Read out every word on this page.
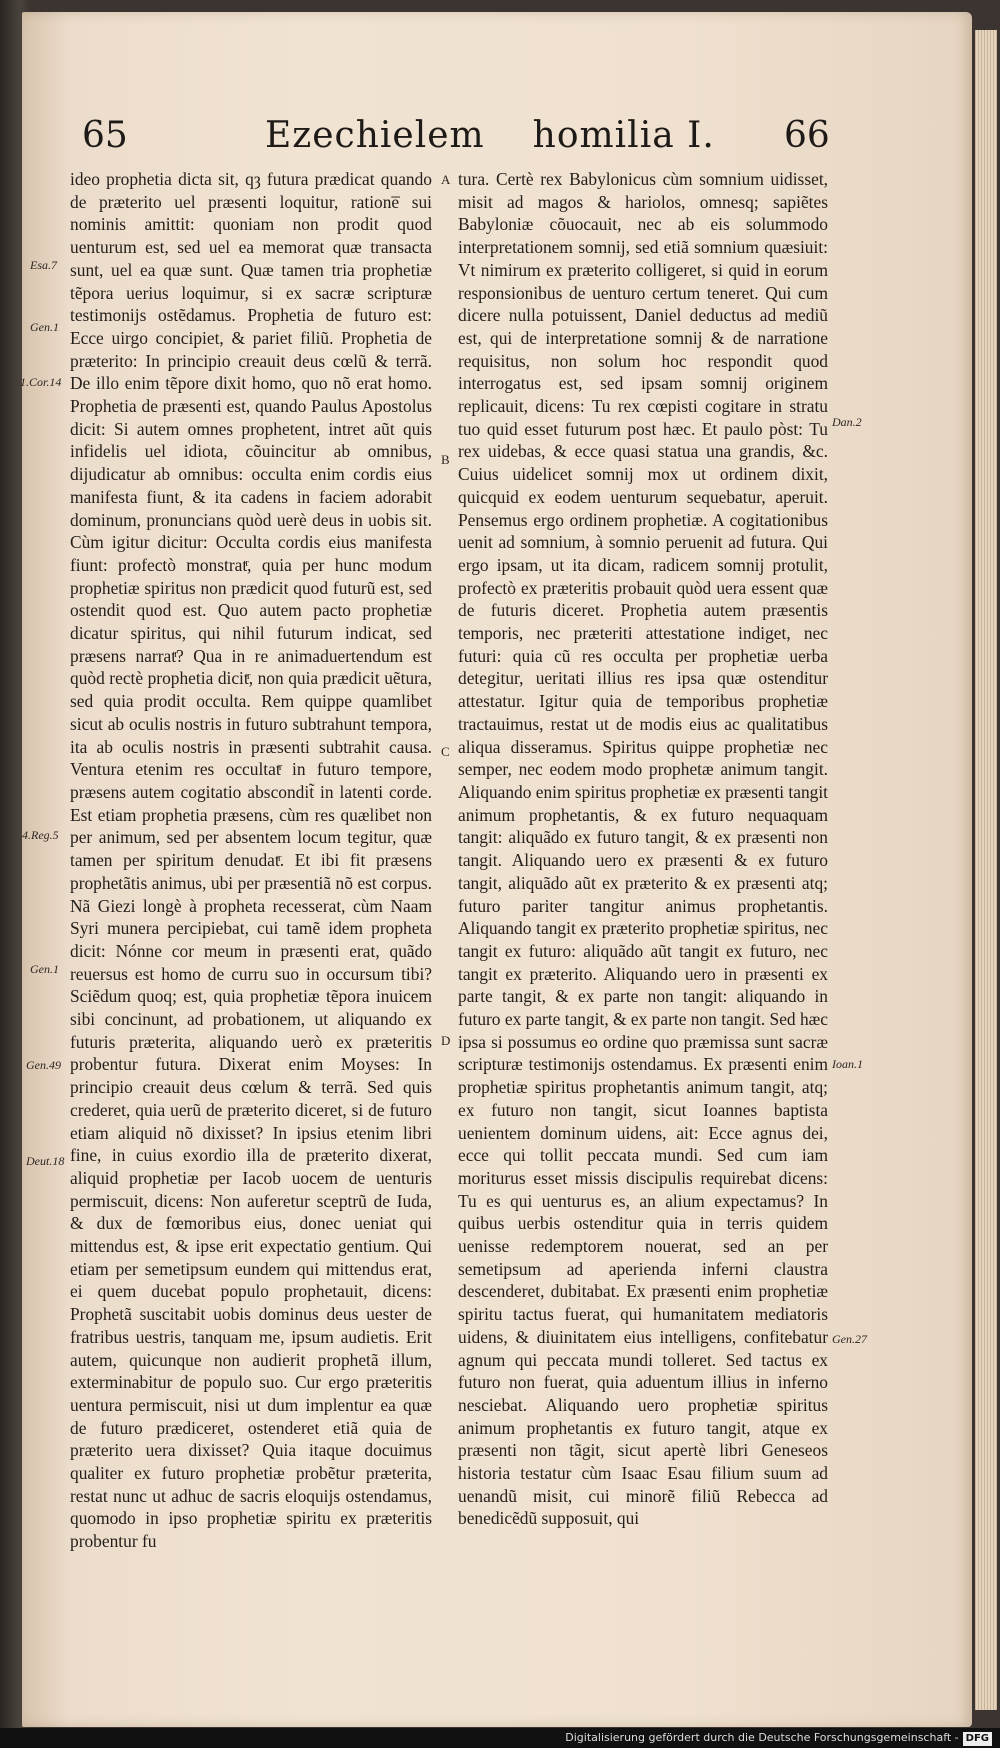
65	Ezechielem homilia I.	66

ideo prophetia dicta sit, qȝ futura prædicat quando de præterito uel præsenti loquitur, ratione̅ sui nominis amittit: quoniam non prodit quod uenturum est, sed uel ea memorat quæ transacta sunt, uel ea quæ sunt. Quæ tamen tria prophetiæ tẽpora uerius loquimur, si ex sacræ scripturæ testimonijs ostẽdamus. Prophetia de futuro est: Ecce uirgo concipiet, & pariet filiũ. Prophetia de præterito: In principio creauit deus cœlũ & terrã. De illo enim tẽpore dixit homo, quo nõ erat homo. Prophetia de præsenti est, quando Paulus Apostolus dicit: Si autem omnes prophetent, intret aũt quis infidelis uel idiota, cõuincitur ab omnibus, dijudicatur ab omnibus: occulta enim cordis eius manifesta fiunt, & ita cadens in faciem adorabit dominum, pronuncians quòd uerè deus in uobis sit. Cùm igitur dicitur: Occulta cordis eius manifesta fiunt: profectò monstratͬ, quia per hunc modum prophetiæ spiritus non prædicit quod futurũ est, sed ostendit quod est. Quo autem pacto prophetiæ dicatur spiritus, qui nihil futurum indicat, sed præsens narratͬ? Qua in re animaduertendum est quòd rectè prophetia dicitͬ, non quia prædicit uẽtura, sed quia prodit occulta. Rem quippe quamlibet sicut ab oculis nostris in futuro subtrahunt tempora, ita ab oculis nostris in præsenti subtrahit causa. Ventura etenim res occultatͬ in futuro tempore, præsens autem cogitatio abscondit̃ in latenti corde. Est etiam prophetia præsens, cùm res quælibet non per animum, sed per absentem locum tegitur, quæ tamen per spiritum denudatͬ. Et ibi fit præsens prophetãtis animus, ubi per præsentiã nõ est corpus. Nã Giezi longè à propheta recesserat, cùm Naam Syri munera percipiebat, cui tamẽ idem propheta dicit: Nónne cor meum in præsenti erat, quãdo reuersus est homo de curru suo in occursum tibi? Sciẽdum quoq; est, quia prophetiæ tẽpora inuicem sibi concinunt, ad probationem, ut aliquando ex futuris præterita, aliquando uerò ex præteritis probentur futura. Dixerat enim Moyses: In principio creauit deus cœlum & terrã. Sed quis crederet, quia uerũ de præterito diceret, si de futuro etiam aliquid nõ dixisset? In ipsius etenim libri fine, in cuius exordio illa de præterito dixerat, aliquid prophetiæ per Iacob uocem de uenturis permiscuit, dicens: Non auferetur sceptrũ de Iuda, & dux de fœmoribus eius, donec ueniat qui mittendus est, & ipse erit expectatio gentium. Qui etiam per semetipsum eundem qui mittendus erat, ei quem ducebat populo prophetauit, dicens: Prophetã suscitabit uobis dominus deus uester de fratribus uestris, tanquam me, ipsum audietis. Erit autem, quicunque non audierit prophetã illum, exterminabitur de populo suo. Cur ergo præteritis uentura permiscuit, nisi ut dum implentur ea quæ de futuro prædiceret, ostenderet etiã quia de præterito uera dixisset? Quia itaque docuimus qualiter ex futuro prophetiæ probẽtur præterita, restat nunc ut adhuc de sacris eloquijs ostendamus, quomodo in ipso prophetiæ spiritu ex præteritis probentur fu

tura. Certè rex Babylonicus cùm somnium uidisset, misit ad magos & hariolos, omnesq; sapiẽtes Babyloniæ cõuocauit, nec ab eis solummodo interpretationem somnij, sed etiã somnium quæsiuit: Vt nimirum ex præterito colligeret, si quid in eorum responsionibus de uenturo certum teneret. Qui cum dicere nulla potuissent, Daniel deductus ad mediũ est, qui de interpretatione somnij & de narratione requisitus, non solum hoc respondit quod interrogatus est, sed ipsam somnij originem replicauit, dicens: Tu rex cœpisti cogitare in stratu tuo quid esset futurum post hæc. Et paulo pòst: Tu rex uidebas, & ecce quasi statua una grandis, &c. Cuius uidelicet somnij mox ut ordinem dixit, quicquid ex eodem uenturum sequebatur, aperuit. Pensemus ergo ordinem prophetiæ. A cogitationibus uenit ad somnium, à somnio peruenit ad futura. Qui ergo ipsam, ut ita dicam, radicem somnij protulit, profectò ex præteritis probauit quòd uera essent quæ de futuris diceret. Prophetia autem præsentis temporis, nec præteriti attestatione indiget, nec futuri: quia cũ res occulta per prophetiæ uerba detegitur, ueritati illius res ipsa quæ ostenditur attestatur. Igitur quia de temporibus prophetiæ tractauimus, restat ut de modis eius ac qualitatibus aliqua disseramus. Spiritus quippe prophetiæ nec semper, nec eodem modo prophetæ animum tangit. Aliquando enim spiritus prophetiæ ex præsenti tangit animum prophetantis, & ex futuro nequaquam tangit: aliquãdo ex futuro tangit, & ex præsenti non tangit. Aliquando uero ex præsenti & ex futuro tangit, aliquãdo aũt ex præterito & ex præsenti atq; futuro pariter tangitur animus prophetantis. Aliquando tangit ex præterito prophetiæ spiritus, nec tangit ex futuro: aliquãdo aũt tangit ex futuro, nec tangit ex præterito. Aliquando uero in præsenti ex parte tangit, & ex parte non tangit: aliquando in futuro ex parte tangit, & ex parte non tangit. Sed hæc ipsa si possumus eo ordine quo præmissa sunt sacræ scripturæ testimonijs ostendamus. Ex præsenti enim prophetiæ spiritus prophetantis animum tangit, atq; ex futuro non tangit, sicut Ioannes baptista uenientem dominum uidens, ait: Ecce agnus dei, ecce qui tollit peccata mundi. Sed cum iam moriturus esset missis discipulis requirebat dicens: Tu es qui uenturus es, an alium expectamus? In quibus uerbis ostenditur quia in terris quidem uenisse redemptorem nouerat, sed an per semetipsum ad aperienda inferni claustra descenderet, dubitabat. Ex præsenti enim prophetiæ spiritu tactus fuerat, qui humanitatem mediatoris uidens, & diuinitatem eius intelligens, confitebatur agnum qui peccata mundi tolleret. Sed tactus ex futuro non fuerat, quia aduentum illius in inferno nesciebat. Aliquando uero prophetiæ spiritus animum prophetantis ex futuro tangit, atque ex præsenti non tãgit, sicut apertè libri Geneseos historia testatur cùm Isaac Esau filium suum ad uenandũ misit, cui minorẽ filiũ Rebecca ad benedicẽdũ supposuit, qui

Esa.7
Gen.1
1.Cor.14
4.Reg.5
Gen.1
Gen.49
Deut.18
Dan.2
Ioan.1
Gen.27
A
B
C
D
Digitalisierung gefördert durch die Deutsche Forschungsgemeinschaft - DFG
